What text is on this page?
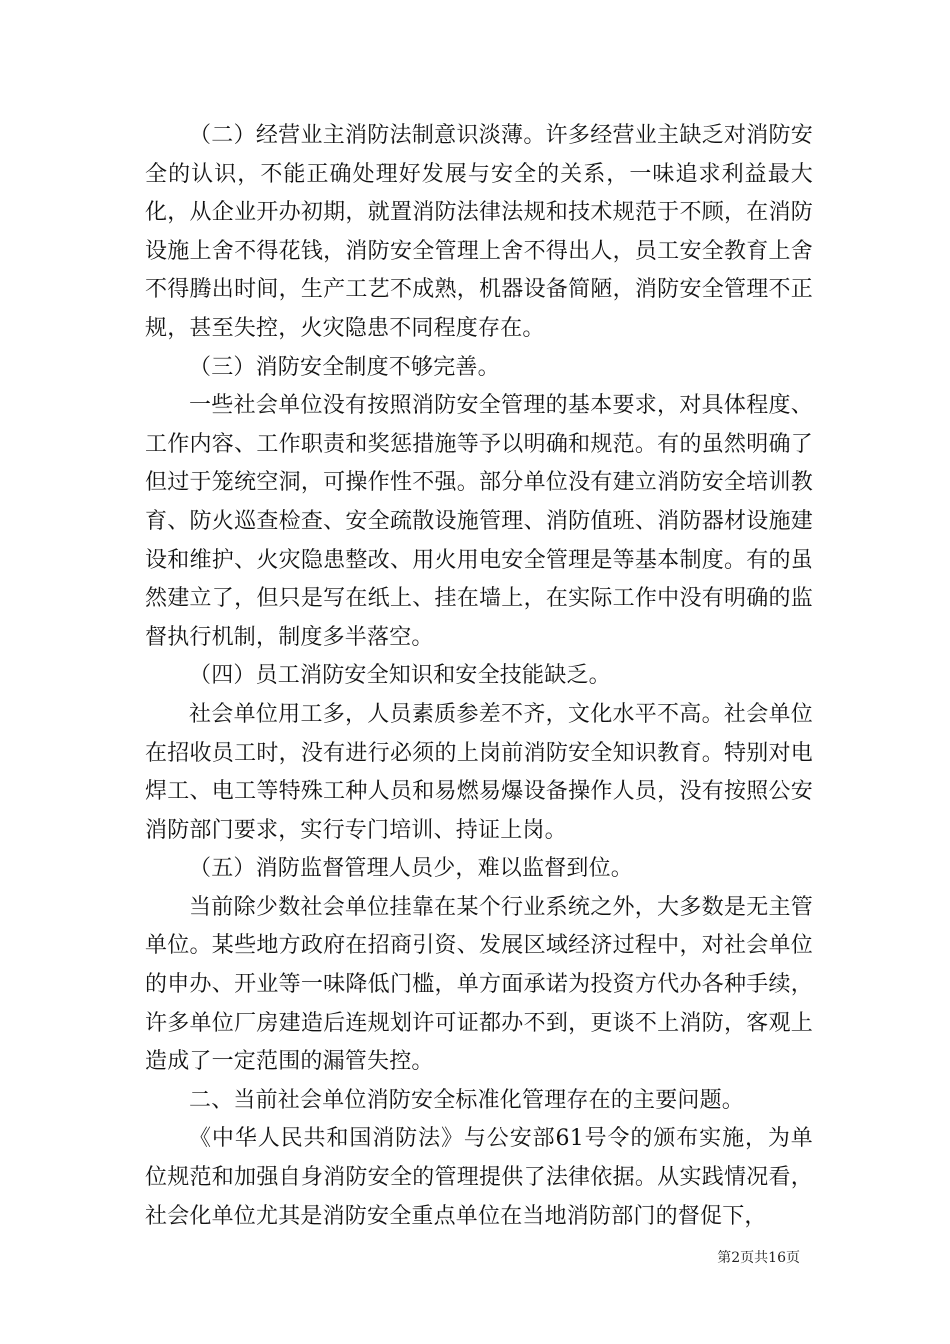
（二）经营业主消防法制意识淡薄。许多经营业主缺乏对消防安全的认识，不能正确处理好发展与安全的关系，一味追求利益最大化，从企业开办初期，就置消防法律法规和技术规范于不顾，在消防设施上舍不得花钱，消防安全管理上舍不得出人，员工安全教育上舍不得腾出时间，生产工艺不成熟，机器设备简陋，消防安全管理不正规，甚至失控，火灾隐患不同程度存在。

（三）消防安全制度不够完善。

一些社会单位没有按照消防安全管理的基本要求，对具体程度、工作内容、工作职责和奖惩措施等予以明确和规范。有的虽然明确了但过于笼统空洞，可操作性不强。部分单位没有建立消防安全培训教育、防火巡查检查、安全疏散设施管理、消防值班、消防器材设施建设和维护、火灾隐患整改、用火用电安全管理是等基本制度。有的虽然建立了，但只是写在纸上、挂在墙上，在实际工作中没有明确的监督执行机制，制度多半落空。

（四）员工消防安全知识和安全技能缺乏。

社会单位用工多，人员素质参差不齐，文化水平不高。社会单位在招收员工时，没有进行必须的上岗前消防安全知识教育。特别对电焊工、电工等特殊工种人员和易燃易爆设备操作人员，没有按照公安消防部门要求，实行专门培训、持证上岗。

（五）消防监督管理人员少，难以监督到位。

当前除少数社会单位挂靠在某个行业系统之外，大多数是无主管单位。某些地方政府在招商引资、发展区域经济过程中，对社会单位的申办、开业等一味降低门槛，单方面承诺为投资方代办各种手续，许多单位厂房建造后连规划许可证都办不到，更谈不上消防，客观上造成了一定范围的漏管失控。

二、当前社会单位消防安全标准化管理存在的主要问题。

《中华人民共和国消防法》与公安部61号令的颁布实施，为单位规范和加强自身消防安全的管理提供了法律依据。从实践情况看，社会化单位尤其是消防安全重点单位在当地消防部门的督促下，

第2页共16页
